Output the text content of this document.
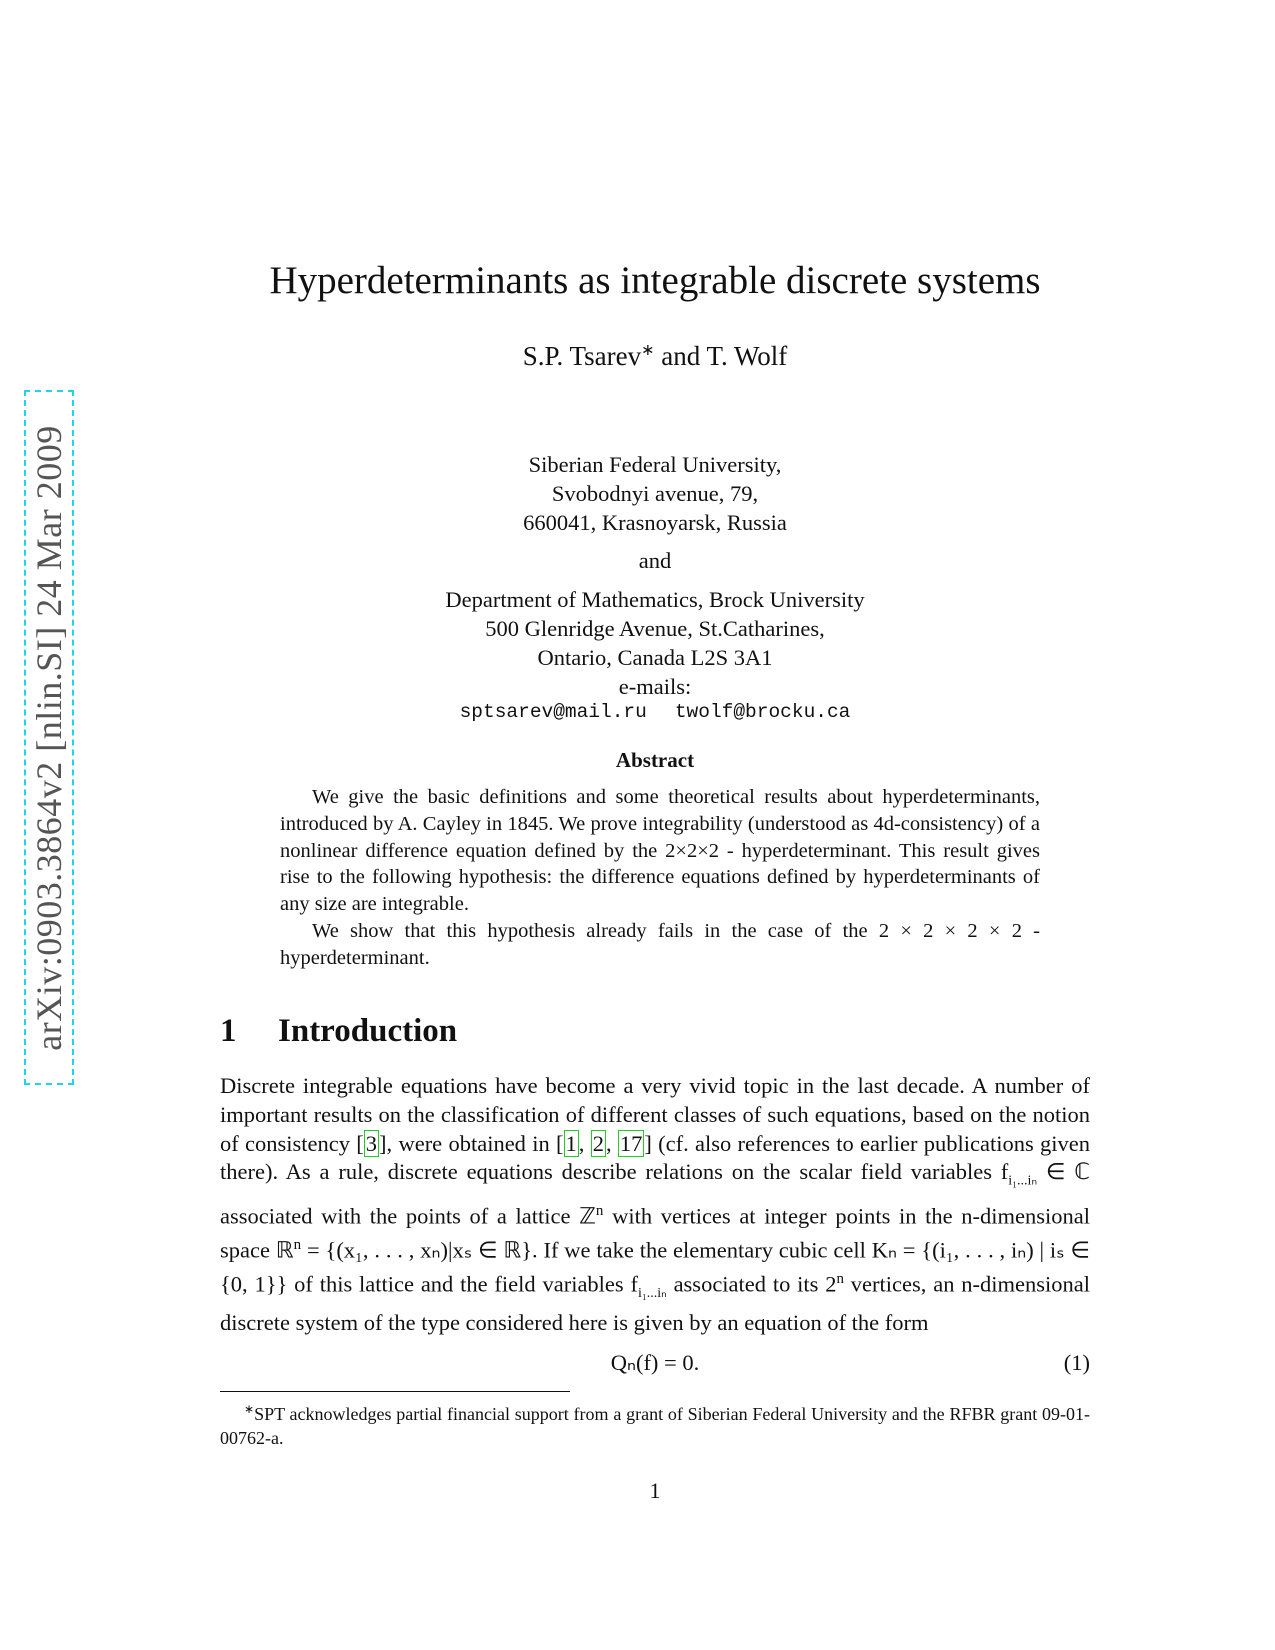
arXiv:0903.3864v2 [nlin.SI] 24 Mar 2009
Hyperdeterminants as integrable discrete systems
S.P. Tsarev∗ and T. Wolf
Siberian Federal University,
Svobodnyi avenue, 79,
660041, Krasnoyarsk, Russia
and
Department of Mathematics, Brock University
500 Glenridge Avenue, St.Catharines,
Ontario, Canada L2S 3A1
e-mails:
sptsarev@mail.ru twolf@brocku.ca
Abstract

We give the basic definitions and some theoretical results about hyperdeterminants, introduced by A. Cayley in 1845. We prove integrability (understood as 4d-consistency) of a nonlinear difference equation defined by the 2×2×2 - hyperdeterminant. This result gives rise to the following hypothesis: the difference equations defined by hyperdeterminants of any size are integrable.

We show that this hypothesis already fails in the case of the 2 × 2 × 2 × 2 - hyperdeterminant.

1 Introduction
Discrete integrable equations have become a very vivid topic in the last decade. A number of important results on the classification of different classes of such equations, based on the notion of consistency [3], were obtained in [1, 2, 17] (cf. also references to earlier publications given there). As a rule, discrete equations describe relations on the scalar field variables $f_{i_1...i_n}$ ∈ ℂ associated with the points of a lattice ℤ$^n$ with vertices at integer points in the n-dimensional space ℝ$^n$ = {(x₁, . . . , xₙ)|xₛ ∈ ℝ}. If we take the elementary cubic cell Kₙ = {(i₁, . . . , iₙ) | iₛ ∈ {0, 1}} of this lattice and the field variables $f_{i_1...i_n}$ associated to its 2$^n$ vertices, an n-dimensional discrete system of the type considered here is given by an equation of the form
Qₙ(f) = 0.	(1)

∗SPT acknowledges partial financial support from a grant of Siberian Federal University and the RFBR grant 09-01-00762-a.

1
